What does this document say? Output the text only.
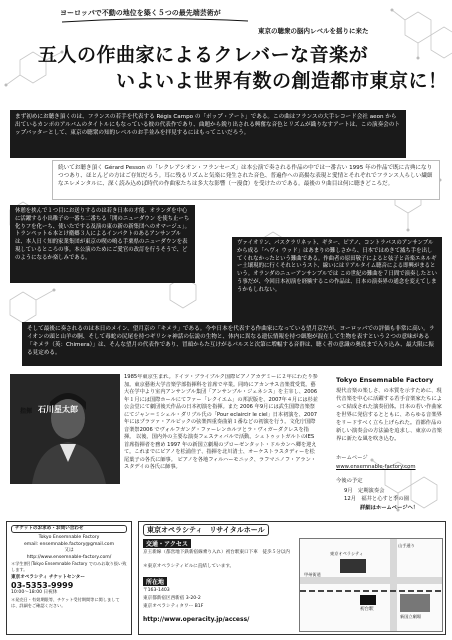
ヨーロッパで不動の地位を築く５つの最先端芸術が
東京の聴衆の脳内レベルを揺りに来た
五人の作曲家によるクレバーな音楽が
いよいよ世界有数の創造都市東京に！
まず初めにお聴き頂くのは、フランスの若手を代表する Régis Campo の「ポップ・アート」である。この曲はフランスの大手レコード会社 aeon から出ているカンポのアルバムのタイトルにもなっている彼の代表作であり、曲題から鋭り出される興奮な音色とリズムが織りなすアートは、この演奏会のトップバッターとして、東京の聴衆の知的レベルのお手並みを拝見するにはもってこいだろう。
続いてお聴き頂く Gérard Pesson の「レクレアシオン・フランセーズ」は本公演で奏される作品の中では一番古い 1995 年の作品で既に古典になりつつあり、ほとんどの方はご存知だろう。耳に残るリズムと気楽に発生された音色、普遍作への高揚な表現と愛情とそれぞれでフランス人らしい繊細なエレメンタルに、深く読み込めば時代の作曲家たちは多大な影響（一漫食）を受けたのである。最後の９曲目は何に聴きどころだ。
休憩を挟んで１つ目にお送りするのは若き日本の才能、オランダを中心に活躍する小出稚子の一番ち二番ちる「開のニューダウン を使ち止ーち化りフを化ーち、使いたでする及演の東の新の新集団へのオマージュ」。トランペット６本とけ衛郷３人によるインパクトのあるアンサンブルは、本人日く知的家業集団が東京の喫の鳴る手栗県のニューダウンを表現しているところの事。本公演のためにご愛官の改訂を行うそうで、どのようになるか楽しみである。
ヴァイオリン、パスクラリネット、ギター、ピアノ、コントラバスのアンサンブルから成る「ヘヴィ ウッド」はあまりの難しさから、日本ではめきて滅ち手を出してくれなかったという難曲である。作曲者の原田敬子によると弦子と音楽エネルギー土壌現的に行くそれというスト、線いにはリアルタイム聴音による即興がまるという。オランダのニューアンサンブルでは この世紀の難曲を７日間で演奏したという事だが、今回日本初演を経験するこの作品は、日本の演奏界の通念を変えてしまうかもしれない。
そして最後に奏されるのは本日のメイン、望月京の「キメラ」である。今や日本を代表する作曲家になっている望月京だが、ヨーロッパでの評価も非常に高い。ライオンの頭と山羊の胴、そして毒蛇の尻尾を持つギリシャ神話の伝説の生物と、体内に異なる遺伝情報を持つ細胞が混在して生物を表すという２つの意味がある「キメラ（英：Chimera）」は、そんな望月の代表作であり、冒頭からた互けがるパルスと次第に増幅する音群は、聴く者の意識の奥底まで入り込み、最大限に振る見定める。
指揮 石川星太郎
1985年東京生まれ。ドイツ・ブライブルク国際ピアノアカデミーに２年にわたり参加。東京藝術大学音楽学部指揮科を首席で卒業。同時にアカンサス音楽賞受賞。藝大在学中より室内アンサンブル集団「アンサンブル・ジェネシス」を主宰し、2006 年１月には国際ホールにてファー「レクイエム」の邦訳版を、2007年４月には杉並公会堂にて劇団後天作品の日本初演を指揮。また 2006 年9月には武生国際音楽祭にてジャン＝ミシェル・ダリブル氏の「Pour eclaircir le ciel」日本初演を、2007年にはプラツァ・アルビックの弦楽四重奏曲第１番などの初演を行う。文化庁国際音楽祭2006 でヴォルフガング・ファーレンホルツとラ・ヴィガーダクレスを指揮。 以後、国内外の主要な演奏フェスティバルで活動。シュトゥットガルトのIES首席指揮者を務め 1997 年の新国立劇場のプローゼンタット・ドルカンヘ卿を迎えて。これまでにピアノを松浦佳子、指揮を北川清士、オーケストラスタディーを松尾葉子の各氏に師事。 ピアノを各地フィルハーモニック、ラフマニノフ・アラン・スタデイの各氏に師事。
Tokyo Ensemnable Factory
現代音楽の楽しさ、の本質を示すために、現代音楽を中心に活躍する若手音楽家たちによって結成された演奏団体。日本の若い作曲家を世界に発信するとともに、あらゆる音楽界をリードすべく立ち上げられた。首都作品の新しい演奏会の方法論を追求し、東京の音楽界に新たな風を吹き込む。
ホームページ
www.ensemnable-factory.com
今後の予定
9月　定期演奏会
12月　福井と心すと季の園
詳細はホームページへ！
チケットのお求め・お問い合わせ
Tokyo Ensemnable Factory
email: ensemnable.factory@gmail.com
又は
http://www.ensemnable-factory.com/
＊学生割引Tokyo Ensemnable Factory でのみお取り扱い致します。
東京オペラシティ チケットセンター
03-5353-9999
10:00〜18:00 日祝休
＊発売日・有効期限等、チケット受付期間等に関しましては、詳細をご確認ください。
東京オペラシティ　リサイタルホール
交通・アクセス
京王新線（都営地下鉄新宿線乗り入れ）初台駅東口下車　徒歩５分以内
＊東京オペラシティビルに直結しています。
所在地
〒163-1403
東京都新宿区西新宿 3-20-2
東京オペラシティタワー B1F
http://www.operacity.jp/access/
初台駅
甲州街道
東京オペラシティ
山手通り
新国立劇場
